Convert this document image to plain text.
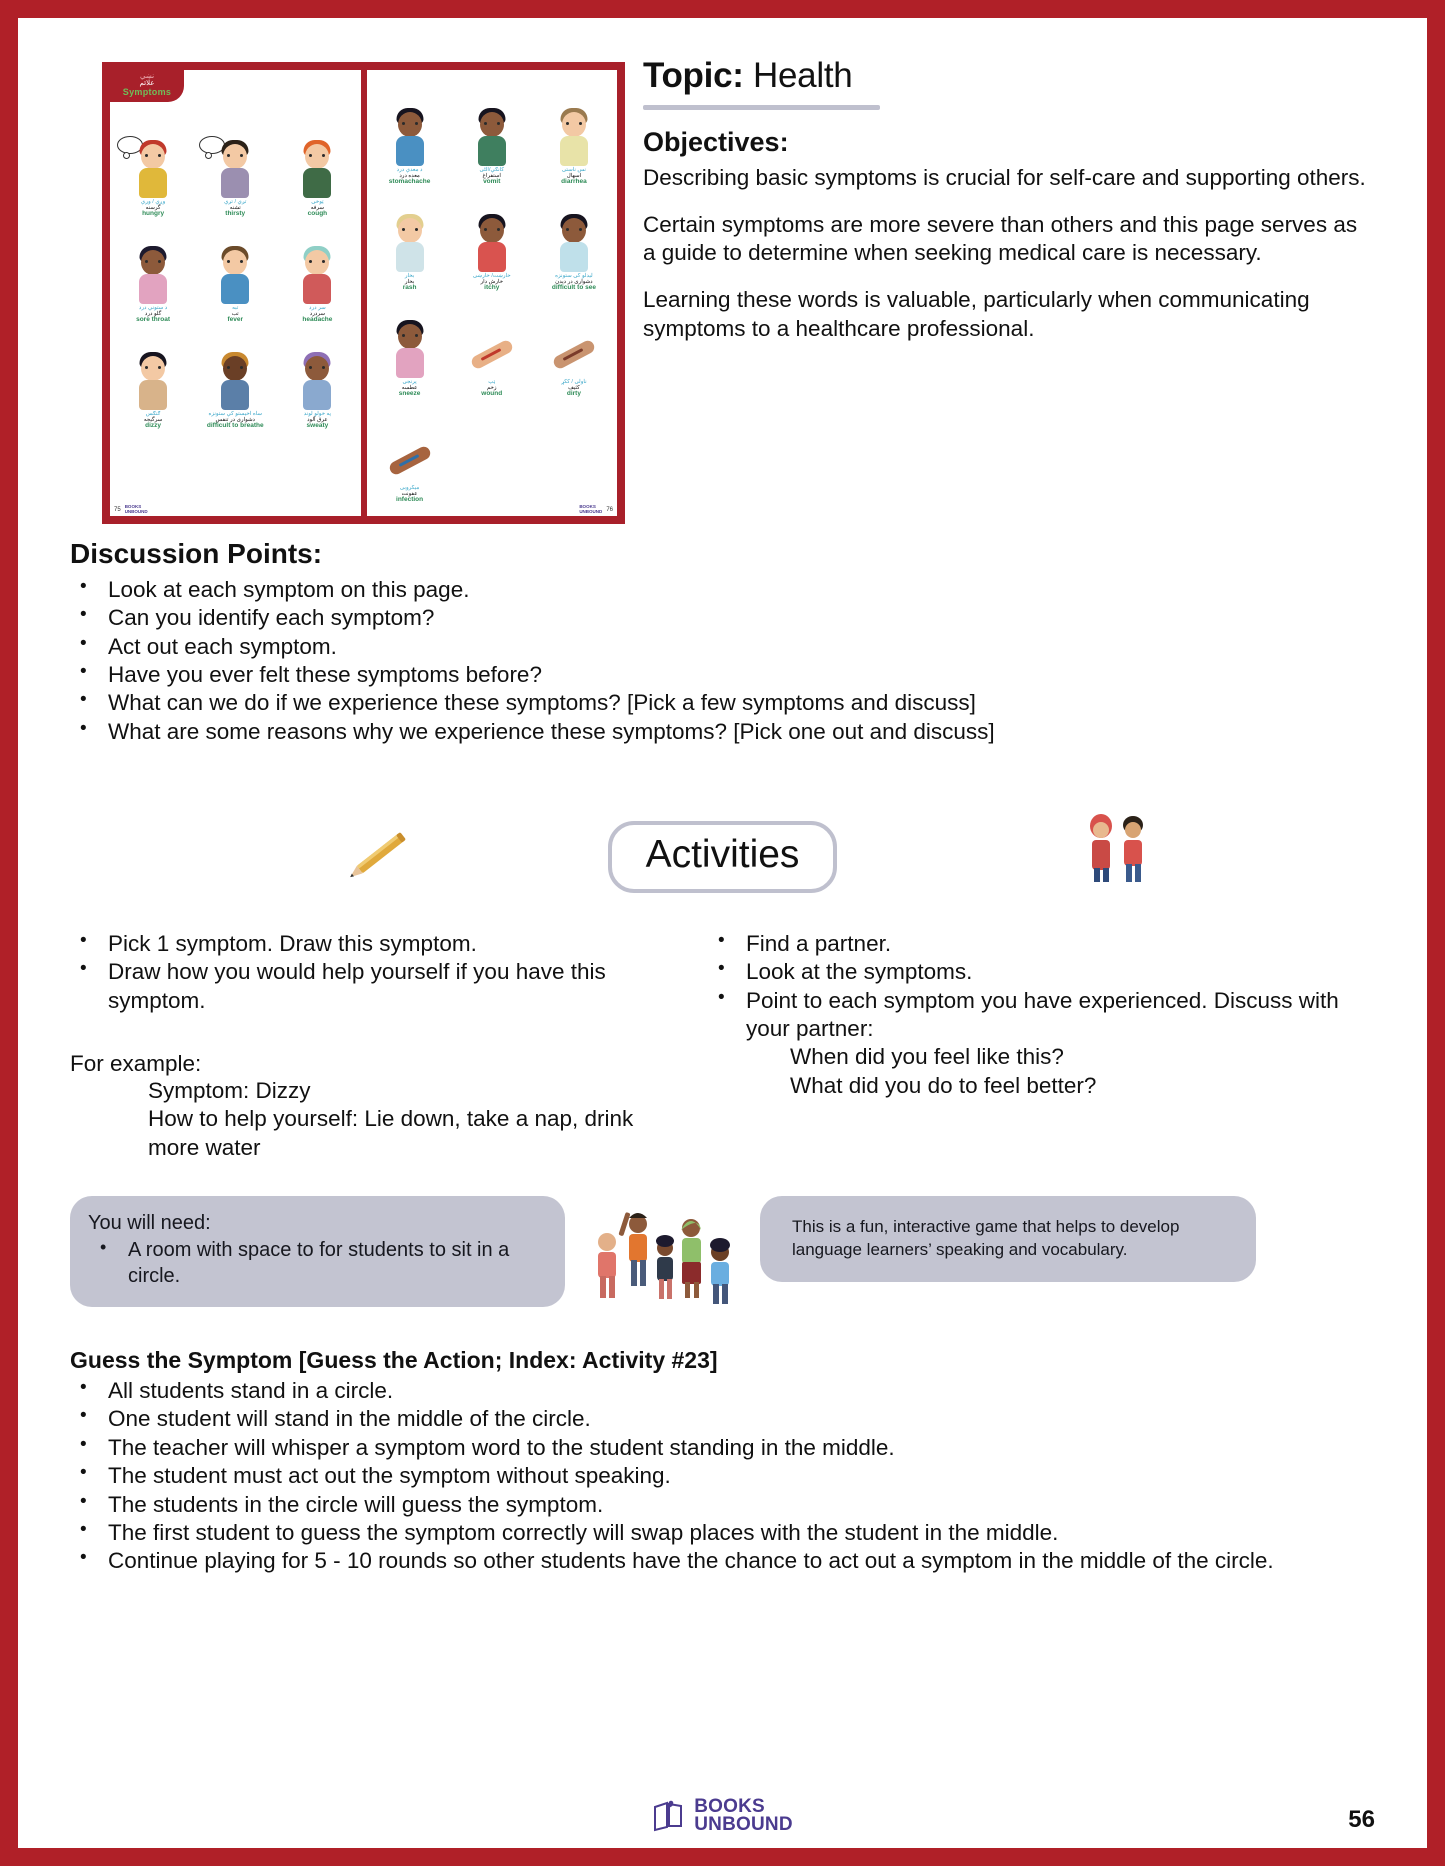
نښي
علائم
Symptoms
وږي / وږې
گرسنه
hungry
تږي / تږې
تشنه
thirsty
ټوخی
سرفه
cough
د ستوني درد
گلو درد
sore throat
تبه
تب
fever
سر درد
سردرد
headache
ګنګس
سرگیجه
dizzy
ساه اخیستو کې ستونزه
دشواری در تنفس
difficult to breathe
په خولو لوند
عرق آلود
sweaty
75 BOOKS
UNBOUND
د معدې درد
معده درد
stomachache
کانګې/الٹی
استفراغ
vomit
نس ناستی
اسهال
diarrhea
بخار
بخار
rash
خارښت/ خارښی
خارش دار
itchy
پرنجی
عطسه
sneeze
لیدلو کی ستونزه
دشواری در دیدن
difficult to see
ټپ
زخم
wound
ناولی / ککړ
کثیف
dirty
میکروبی
عفونت
infection
BOOKS
UNBOUND 76
Topic: Health
Objectives:

Describing basic symptoms is crucial for self-care and supporting others.

Certain symptoms are more severe than others and this page serves as a guide to determine when seeking medical care is necessary.

Learning these words is valuable, particularly when communicating symptoms to a healthcare professional.

Discussion Points:
• Look at each symptom on this page.
• Can you identify each symptom?
• Act out each symptom.
• Have you ever felt these symptoms before?
• What can we do if we experience these symptoms? [Pick a few symptoms and discuss]
• What are some reasons why we experience these symptoms? [Pick one out and discuss]
Activities
• Pick 1 symptom. Draw this symptom.
• Draw how you would help yourself if you have this symptom.
For example:
Symptom: Dizzy
How to help yourself: Lie down, take a nap, drink more water
• Find a partner.
• Look at the symptoms.
• Point to each symptom you have experienced. Discuss with your partner:
When did you feel like this?
What did you do to feel better?
You will need:
• A room with space to for students to sit in a circle.
This is a fun, interactive game that helps to develop language learners’ speaking and vocabulary.
Guess the Symptom [Guess the Action; Index: Activity #23]
• All students stand in a circle.
• One student will stand in the middle of the circle.
• The teacher will whisper a symptom word to the student standing in the middle.
• The student must act out the symptom without speaking.
• The students in the circle will guess the symptom.
• The first student to guess the symptom correctly will swap places with the student in the middle.
• Continue playing for 5 - 10 rounds so other students have the chance to act out a symptom in the middle of the circle.
BOOKS
UNBOUND	56
